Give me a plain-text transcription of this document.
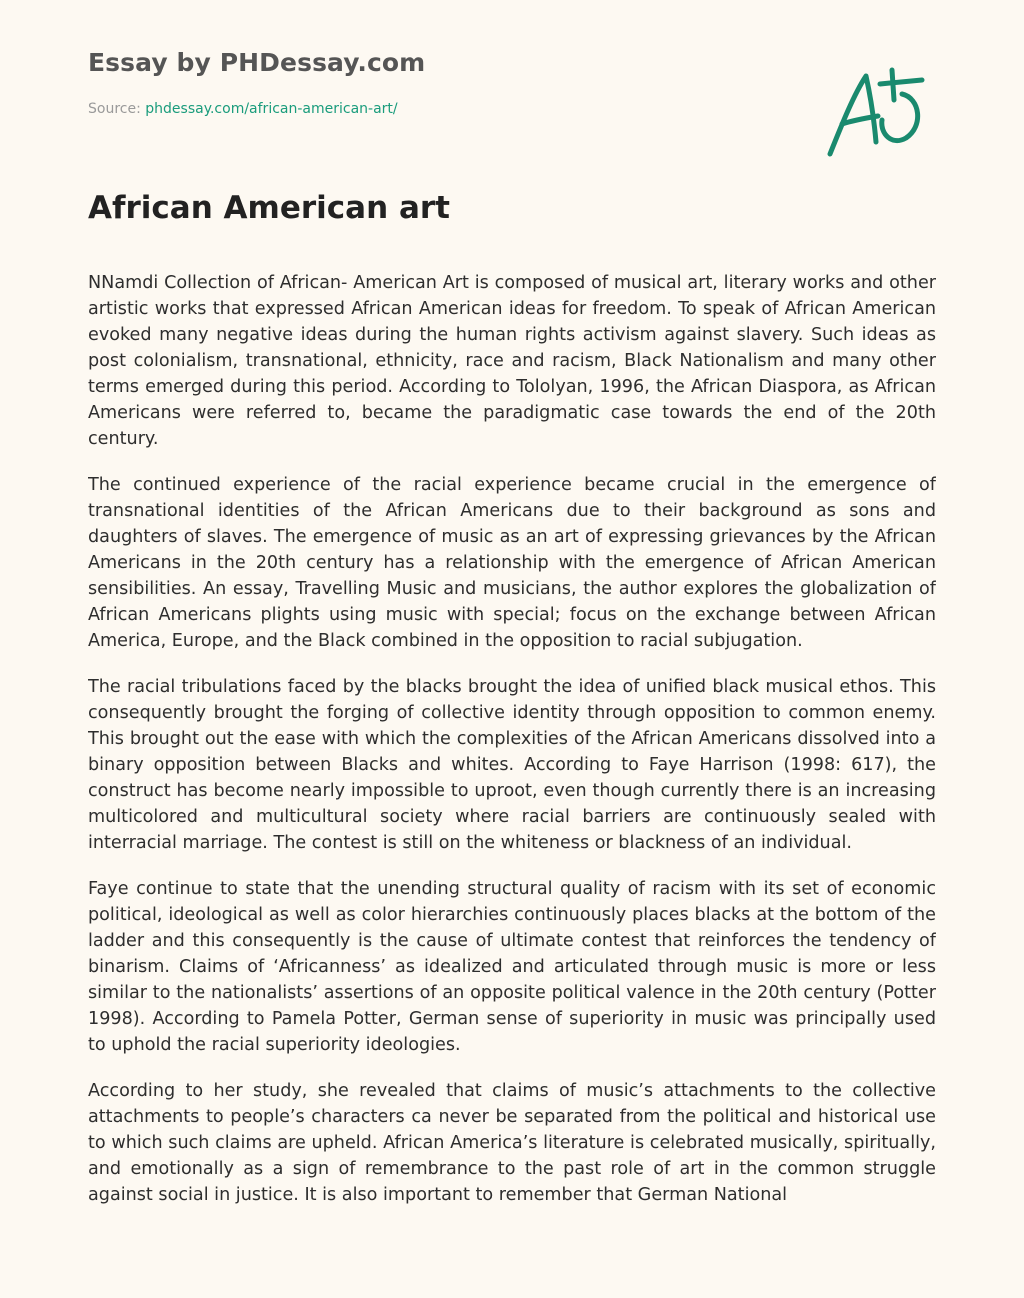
Essay by PHDessay.com
Source: phdessay.com/african-american-art/
African American art

NNamdi Collection of African- American Art is composed of musical art, literary works and other artistic works that expressed African American ideas for freedom. To speak of African American evoked many negative ideas during the human rights activism against slavery. Such ideas as post colonialism, transnational, ethnicity, race and racism, Black Nationalism and many other terms emerged during this period. According to Tololyan, 1996, the African Diaspora, as African Americans were referred to, became the paradigmatic case towards the end of the 20th century.

The continued experience of the racial experience became crucial in the emergence of transnational identities of the African Americans due to their background as sons and daughters of slaves. The emergence of music as an art of expressing grievances by the African Americans in the 20th century has a relationship with the emergence of African American sensibilities. An essay, Travelling Music and musicians, the author explores the globalization of African Americans plights using music with special; focus on the exchange between African America, Europe, and the Black combined in the opposition to racial subjugation.

The racial tribulations faced by the blacks brought the idea of unified black musical ethos. This consequently brought the forging of collective identity through opposition to common enemy. This brought out the ease with which the complexities of the African Americans dissolved into a binary opposition between Blacks and whites. According to Faye Harrison (1998: 617), the construct has become nearly impossible to uproot, even though currently there is an increasing multicolored and multicultural society where racial barriers are continuously sealed with interracial marriage. The contest is still on the whiteness or blackness of an individual.

Faye continue to state that the unending structural quality of racism with its set of economic political, ideological as well as color hierarchies continuously places blacks at the bottom of the ladder and this consequently is the cause of ultimate contest that reinforces the tendency of binarism. Claims of ‘Africanness’ as idealized and articulated through music is more or less similar to the nationalists’ assertions of an opposite political valence in the 20th century (Potter 1998). According to Pamela Potter, German sense of superiority in music was principally used to uphold the racial superiority ideologies.

According to her study, she revealed that claims of music’s attachments to the collective attachments to people’s characters ca never be separated from the political and historical use to which such claims are upheld. African America’s literature is celebrated musically, spiritually, and emotionally as a sign of remembrance to the past role of art in the common struggle against social in justice. It is also important to remember that German National
